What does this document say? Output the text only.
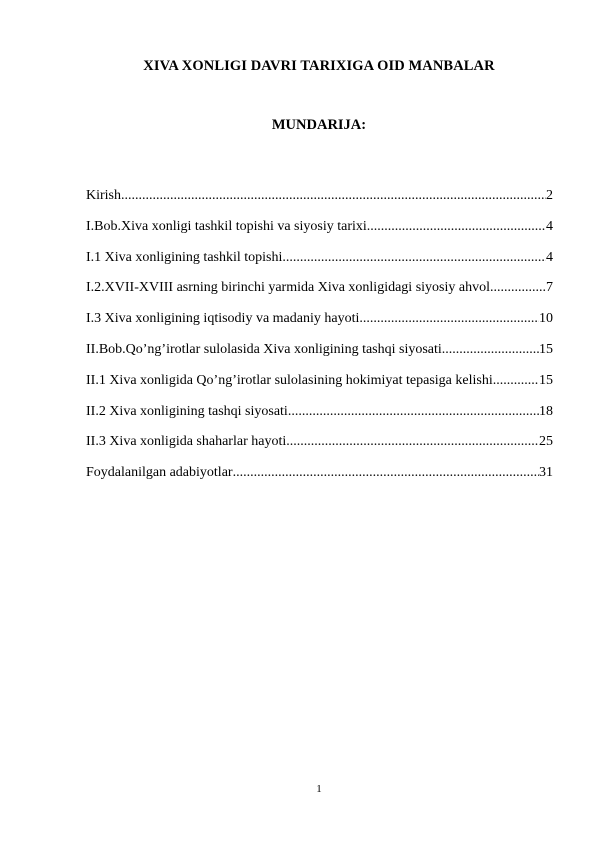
XIVA XONLIGI DAVRI TARIXIGA OID MANBALAR
MUNDARIJA:
Kirish .....	2
I.Bob.Xiva xonligi tashkil topishi va siyosiy tarixi .....	4
I.1 Xiva xonligining tashkil topishi .....	4
I.2.XVII-XVIII asrning birinchi yarmida Xiva xonligidagi siyosiy ahvol .....	7
I.3 Xiva xonligining iqtisodiy va madaniy hayoti .....	10
II.Bob.Qo’ng’irotlar sulolasida Xiva xonligining tashqi siyosati .....	15
II.1 Xiva xonligida Qo’ng’irotlar sulolasining hokimiyat tepasiga kelishi .....	15
II.2 Xiva xonligining tashqi siyosati .....	18
II.3 Xiva xonligida shaharlar hayoti .....	25
Foydalanilgan adabiyotlar .....	31
1
